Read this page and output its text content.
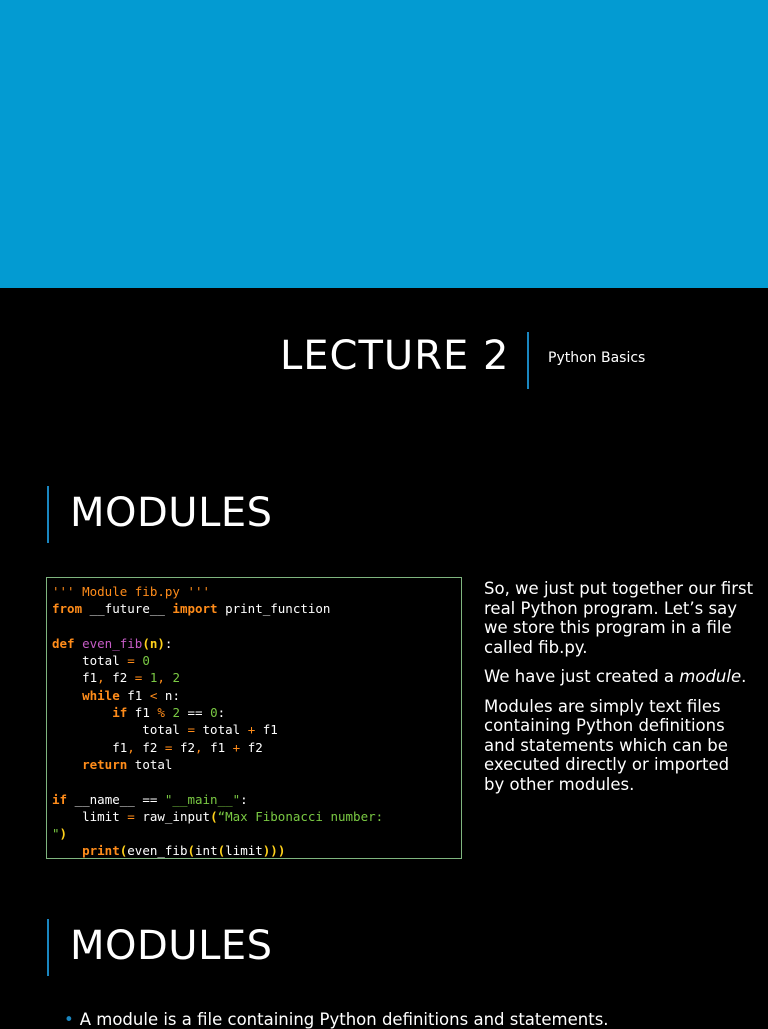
LECTURE 2	Python Basics
MODULES
''' Module fib.py '''
from __future__ import print_function

def even_fib(n):
total = 0
f1, f2 = 1, 2
while f1 < n:
if f1 % 2 == 0:
total = total + f1
f1, f2 = f2, f1 + f2
return total

if __name__ == "__main__":
limit = raw_input(“Max Fibonacci number:
")
print(even_fib(int(limit)))

So, we just put together our first real Python program. Let’s say we store this program in a file called fib.py.

We have just created a module.

Modules are simply text files containing Python definitions and statements which can be executed directly or imported by other modules.

MODULES
• A module is a file containing Python definitions and statements.
